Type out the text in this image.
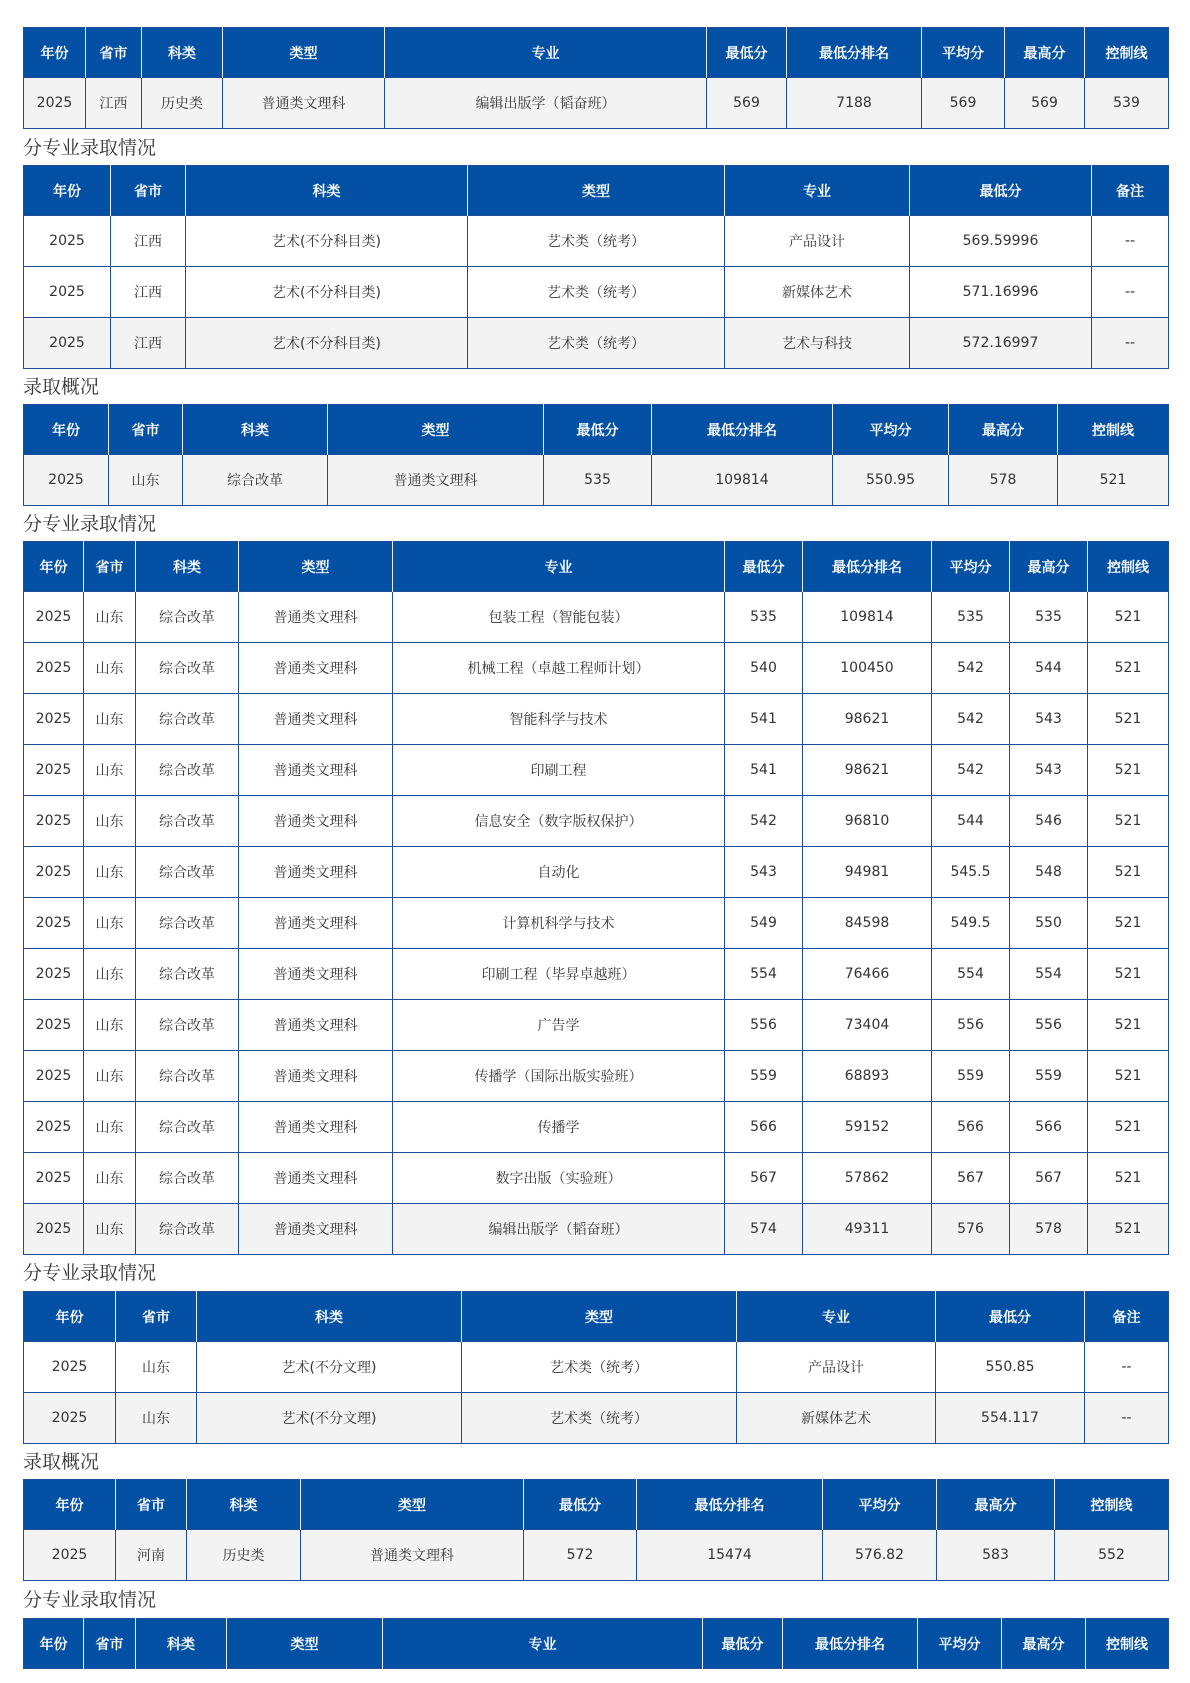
年份	省市	科类	类型	专业	最低分	最低分排名	平均分	最高分	控制线
2025	江西	历史类	普通类文理科	编辑出版学（韬奋班）	569	7188	569	569	539
分专业录取情况
年份	省市	科类	类型	专业	最低分	备注
2025	江西	艺术(不分科目类)	艺术类（统考）	产品设计	569.59996	--
2025	江西	艺术(不分科目类)	艺术类（统考）	新媒体艺术	571.16996	--
2025	江西	艺术(不分科目类)	艺术类（统考）	艺术与科技	572.16997	--
录取概况
年份	省市	科类	类型	最低分	最低分排名	平均分	最高分	控制线
2025	山东	综合改革	普通类文理科	535	109814	550.95	578	521
分专业录取情况
年份	省市	科类	类型	专业	最低分	最低分排名	平均分	最高分	控制线
2025	山东	综合改革	普通类文理科	包装工程（智能包装）	535	109814	535	535	521
2025	山东	综合改革	普通类文理科	机械工程（卓越工程师计划）	540	100450	542	544	521
2025	山东	综合改革	普通类文理科	智能科学与技术	541	98621	542	543	521
2025	山东	综合改革	普通类文理科	印刷工程	541	98621	542	543	521
2025	山东	综合改革	普通类文理科	信息安全（数字版权保护）	542	96810	544	546	521
2025	山东	综合改革	普通类文理科	自动化	543	94981	545.5	548	521
2025	山东	综合改革	普通类文理科	计算机科学与技术	549	84598	549.5	550	521
2025	山东	综合改革	普通类文理科	印刷工程（毕昇卓越班）	554	76466	554	554	521
2025	山东	综合改革	普通类文理科	广告学	556	73404	556	556	521
2025	山东	综合改革	普通类文理科	传播学（国际出版实验班）	559	68893	559	559	521
2025	山东	综合改革	普通类文理科	传播学	566	59152	566	566	521
2025	山东	综合改革	普通类文理科	数字出版（实验班）	567	57862	567	567	521
2025	山东	综合改革	普通类文理科	编辑出版学（韬奋班）	574	49311	576	578	521
分专业录取情况
年份	省市	科类	类型	专业	最低分	备注
2025	山东	艺术(不分文理)	艺术类（统考）	产品设计	550.85	--
2025	山东	艺术(不分文理)	艺术类（统考）	新媒体艺术	554.117	--
录取概况
年份	省市	科类	类型	最低分	最低分排名	平均分	最高分	控制线
2025	河南	历史类	普通类文理科	572	15474	576.82	583	552
分专业录取情况
年份	省市	科类	类型	专业	最低分	最低分排名	平均分	最高分	控制线
